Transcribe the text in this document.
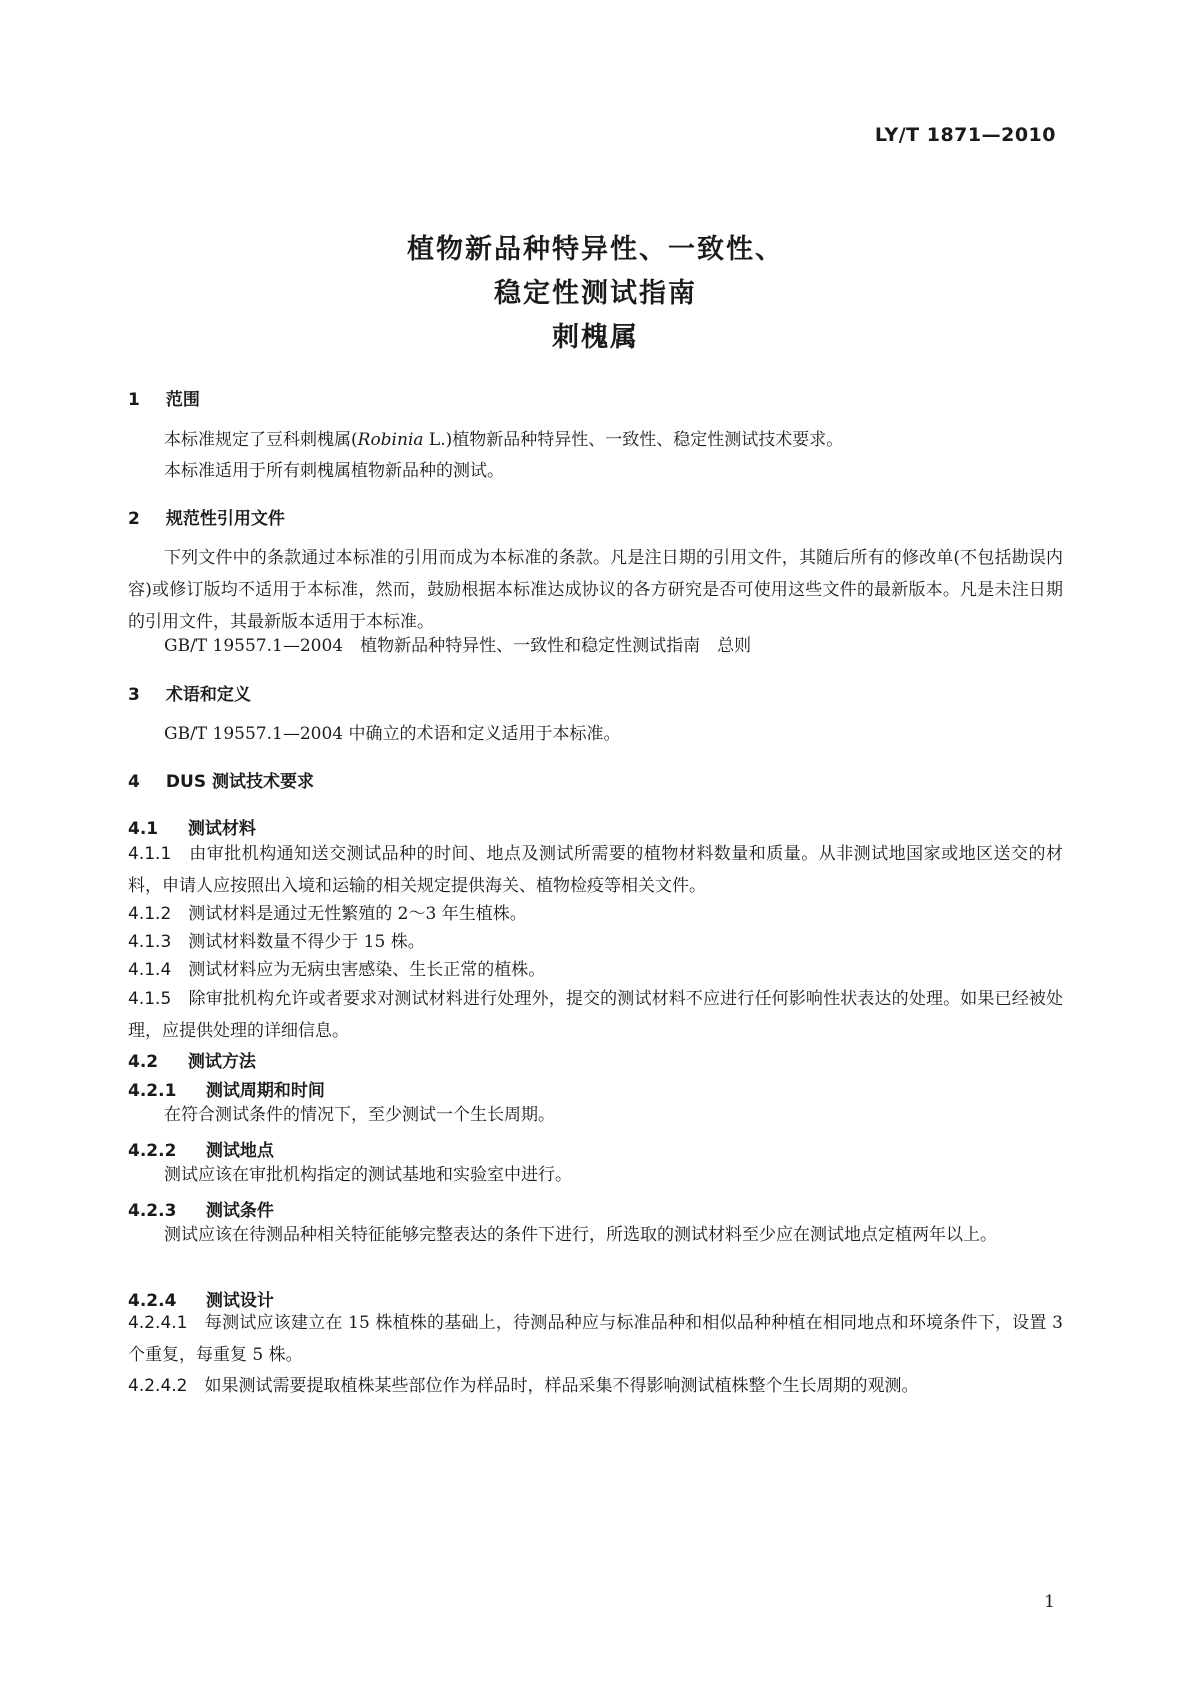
LY/T 1871—2010
植物新品种特异性、一致性、
稳定性测试指南
刺槐属
1 范围
本标准规定了豆科刺槐属(Robinia L.)植物新品种特异性、一致性、稳定性测试技术要求。
本标准适用于所有刺槐属植物新品种的测试。
2 规范性引用文件
下列文件中的条款通过本标准的引用而成为本标准的条款。凡是注日期的引用文件，其随后所有的修改单(不包括勘误内容)或修订版均不适用于本标准，然而，鼓励根据本标准达成协议的各方研究是否可使用这些文件的最新版本。凡是未注日期的引用文件，其最新版本适用于本标准。
GB/T 19557.1—2004　植物新品种特异性、一致性和稳定性测试指南　总则
3 术语和定义
GB/T 19557.1—2004 中确立的术语和定义适用于本标准。
4 DUS 测试技术要求
4.1 测试材料
4.1.1　 由审批机构通知送交测试品种的时间、地点及测试所需要的植物材料数量和质量。从非测试地国家或地区送交的材料，申请人应按照出入境和运输的相关规定提供海关、植物检疫等相关文件。
4.1.2　 测试材料是通过无性繁殖的 2～3 年生植株。
4.1.3　 测试材料数量不得少于 15 株。
4.1.4　 测试材料应为无病虫害感染、生长正常的植株。
4.1.5　 除审批机构允许或者要求对测试材料进行处理外，提交的测试材料不应进行任何影响性状表达的处理。如果已经被处理，应提供处理的详细信息。
4.2 测试方法
4.2.1 测试周期和时间
在符合测试条件的情况下，至少测试一个生长周期。
4.2.2 测试地点
测试应该在审批机构指定的测试基地和实验室中进行。
4.2.3 测试条件
测试应该在待测品种相关特征能够完整表达的条件下进行，所选取的测试材料至少应在测试地点定植两年以上。
4.2.4 测试设计
4.2.4.1　 每测试应该建立在 15 株植株的基础上，待测品种应与标准品种和相似品种种植在相同地点和环境条件下，设置 3 个重复，每重复 5 株。
4.2.4.2　 如果测试需要提取植株某些部位作为样品时，样品采集不得影响测试植株整个生长周期的观测。
1
